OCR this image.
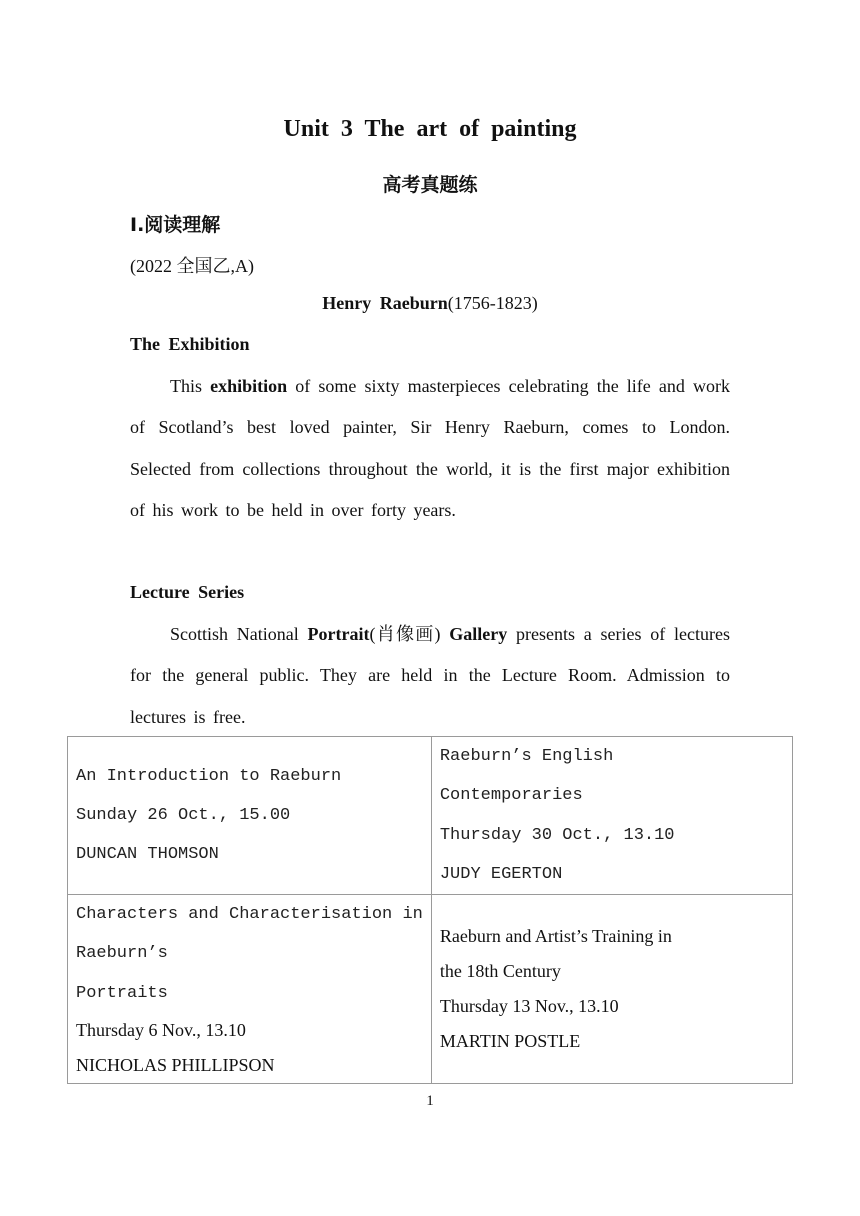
Unit 3 The art of painting
高考真题练
Ⅰ.阅读理解
(2022 全国乙,A)
Henry Raeburn(1756-1823)
The Exhibition
This exhibition of some sixty masterpieces celebrating the life and work of Scotland’s best loved painter, Sir Henry Raeburn, comes to London. Selected from collections throughout the world, it is the first major exhibition of his work to be held in over forty years.
Lecture Series
Scottish National Portrait(肖像画) Gallery presents a series of lectures for the general public. They are held in the Lecture Room. Admission to lectures is free.
An Introduction to Raeburn
Sunday 26 Oct., 15.00
DUNCAN THOMSON	Raeburn’s English
Contemporaries
Thursday 30 Oct., 13.10
JUDY EGERTON

Characters and Characterisation in
Raeburn’s
Portraits
Thursday 6 Nov., 13.10
NICHOLAS PHILLIPSON	Raeburn and Artist’s Training in
the 18th Century
Thursday 13 Nov., 13.10
MARTIN POSTLE
1
